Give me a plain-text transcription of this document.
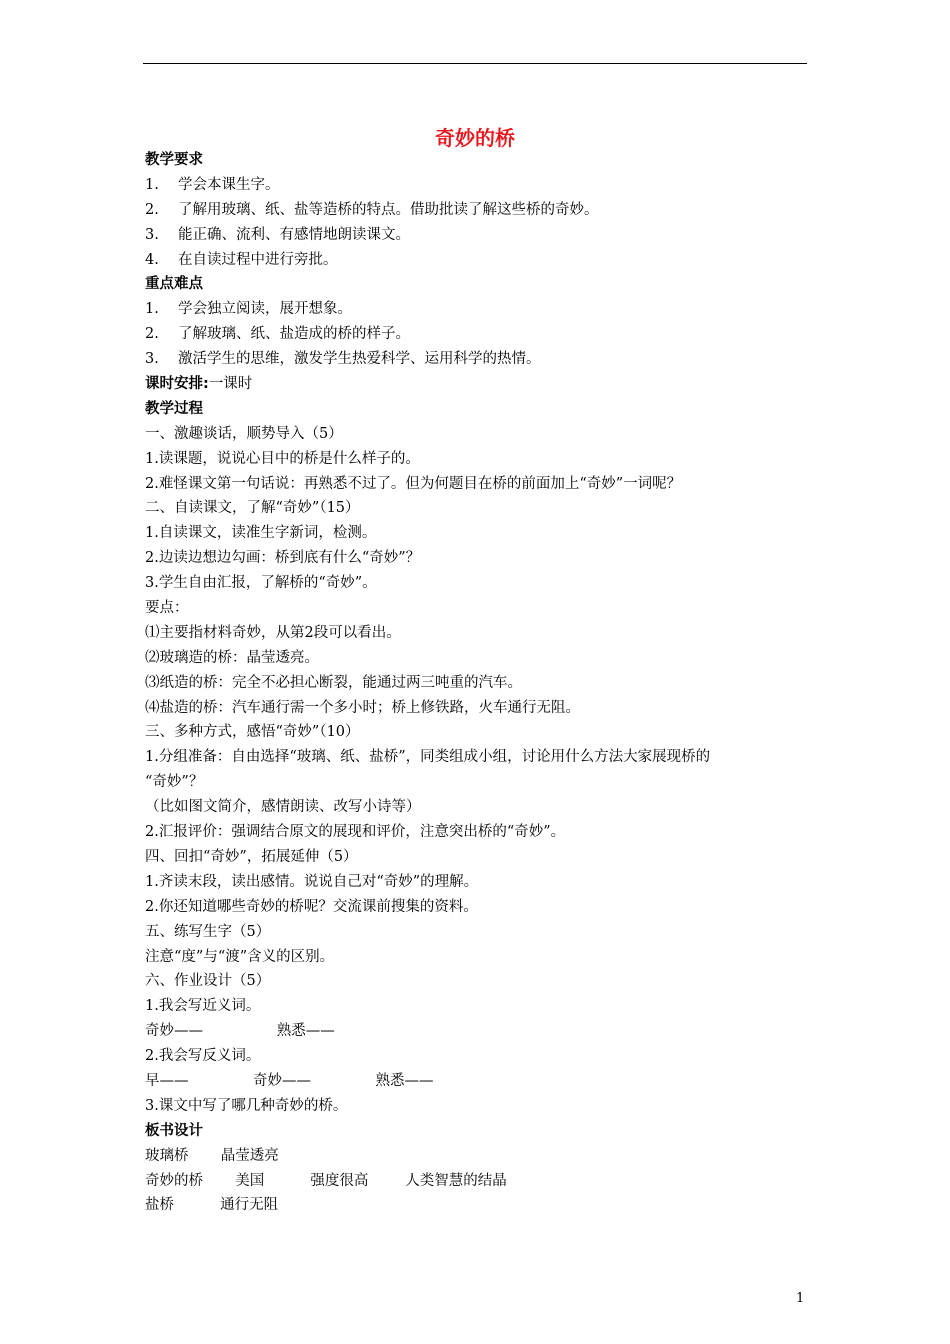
奇妙的桥
教学要求
1. 学会本课生字。
2. 了解用玻璃、纸、盐等造桥的特点。借助批读了解这些桥的奇妙。
3. 能正确、流利、有感情地朗读课文。
4. 在自读过程中进行旁批。
重点难点
1. 学会独立阅读，展开想象。
2. 了解玻璃、纸、盐造成的桥的样子。
3. 激活学生的思维，激发学生热爱科学、运用科学的热情。
课时安排:一课时
教学过程
一、激趣谈话，顺势导入（5）
1.读课题，说说心目中的桥是什么样子的。
2.难怪课文第一句话说：再熟悉不过了。但为何题目在桥的前面加上“奇妙”一词呢？
二、自读课文，了解“奇妙”（15）
1.自读课文，读准生字新词，检测。
2.边读边想边勾画：桥到底有什么“奇妙”？
3.学生自由汇报，了解桥的“奇妙”。
要点：
⑴主要指材料奇妙，从第2段可以看出。
⑵玻璃造的桥：晶莹透亮。
⑶纸造的桥：完全不必担心断裂，能通过两三吨重的汽车。
⑷盐造的桥：汽车通行需一个多小时；桥上修铁路，火车通行无阻。
三、多种方式，感悟“奇妙”（10）
1.分组准备：自由选择“玻璃、纸、盐桥”，同类组成小组，讨论用什么方法大家展现桥的
“奇妙”？
（比如图文简介，感情朗读、改写小诗等）
2.汇报评价：强调结合原文的展现和评价，注意突出桥的“奇妙”。
四、回扣“奇妙”，拓展延伸（5）
1.齐读末段，读出感情。说说自己对“奇妙”的理解。
2.你还知道哪些奇妙的桥呢？交流课前搜集的资料。
五、练写生字（5）
注意“度”与“渡”含义的区别。
六、作业设计（5）
1.我会写近义词。
奇妙——                熟悉——
2.我会写反义词。
早——              奇妙——              熟悉——
3.课文中写了哪几种奇妙的桥。
板书设计
玻璃桥       晶莹透亮
奇妙的桥       美国          强度很高        人类智慧的结晶
盐桥          通行无阻
1
